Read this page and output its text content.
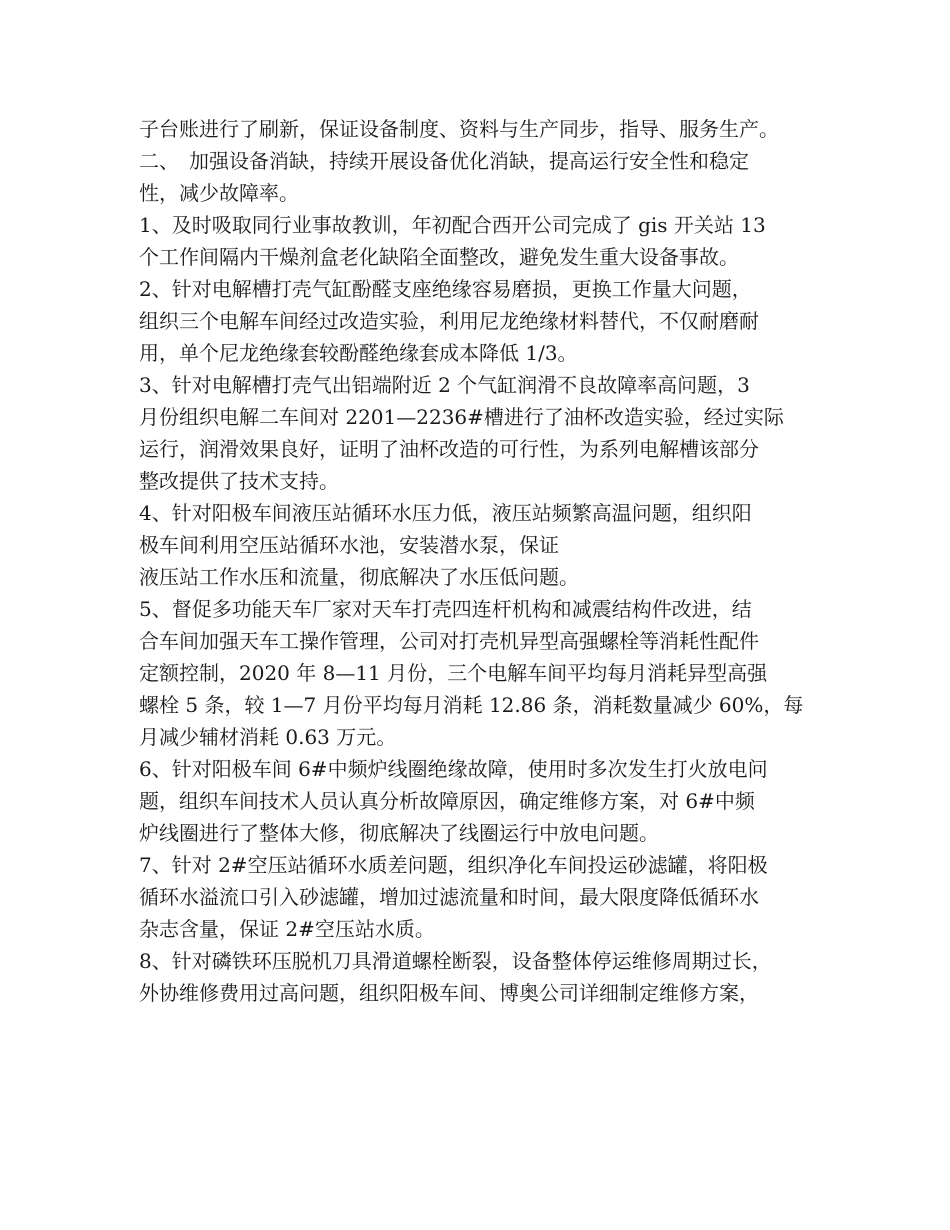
子台账进行了刷新，保证设备制度、资料与生产同步，指导、服务生产。
二、　加强设备消缺，持续开展设备优化消缺，提高运行安全性和稳定
性，减少故障率。
1、及时吸取同行业事故教训，年初配合西开公司完成了 gis 开关站 13
个工作间隔内干燥剂盒老化缺陷全面整改，避免发生重大设备事故。
2、针对电解槽打壳气缸酚醛支座绝缘容易磨损，更换工作量大问题，
组织三个电解车间经过改造实验，利用尼龙绝缘材料替代，不仅耐磨耐
用，单个尼龙绝缘套较酚醛绝缘套成本降低 1/3。
3、针对电解槽打壳气出铝端附近 2 个气缸润滑不良故障率高问题，3
月份组织电解二车间对 2201—2236#槽进行了油杯改造实验，经过实际
运行，润滑效果良好，证明了油杯改造的可行性，为系列电解槽该部分
整改提供了技术支持。
4、针对阳极车间液压站循环水压力低，液压站频繁高温问题，组织阳
极车间利用空压站循环水池，安装潜水泵，保证
液压站工作水压和流量，彻底解决了水压低问题。
5、督促多功能天车厂家对天车打壳四连杆机构和减震结构件改进，结
合车间加强天车工操作管理，公司对打壳机异型高强螺栓等消耗性配件
定额控制，2020 年 8—11 月份，三个电解车间平均每月消耗异型高强
螺栓 5 条，较 1—7 月份平均每月消耗 12.86 条，消耗数量减少 60%，每
月减少辅材消耗 0.63 万元。
6、针对阳极车间 6#中频炉线圈绝缘故障，使用时多次发生打火放电问
题，组织车间技术人员认真分析故障原因，确定维修方案，对 6#中频
炉线圈进行了整体大修，彻底解决了线圈运行中放电问题。
7、针对 2#空压站循环水质差问题，组织净化车间投运砂滤罐，将阳极
循环水溢流口引入砂滤罐，增加过滤流量和时间，最大限度降低循环水
杂志含量，保证 2#空压站水质。
8、针对磷铁环压脱机刀具滑道螺栓断裂，设备整体停运维修周期过长，
外协维修费用过高问题，组织阳极车间、博奥公司详细制定维修方案，
